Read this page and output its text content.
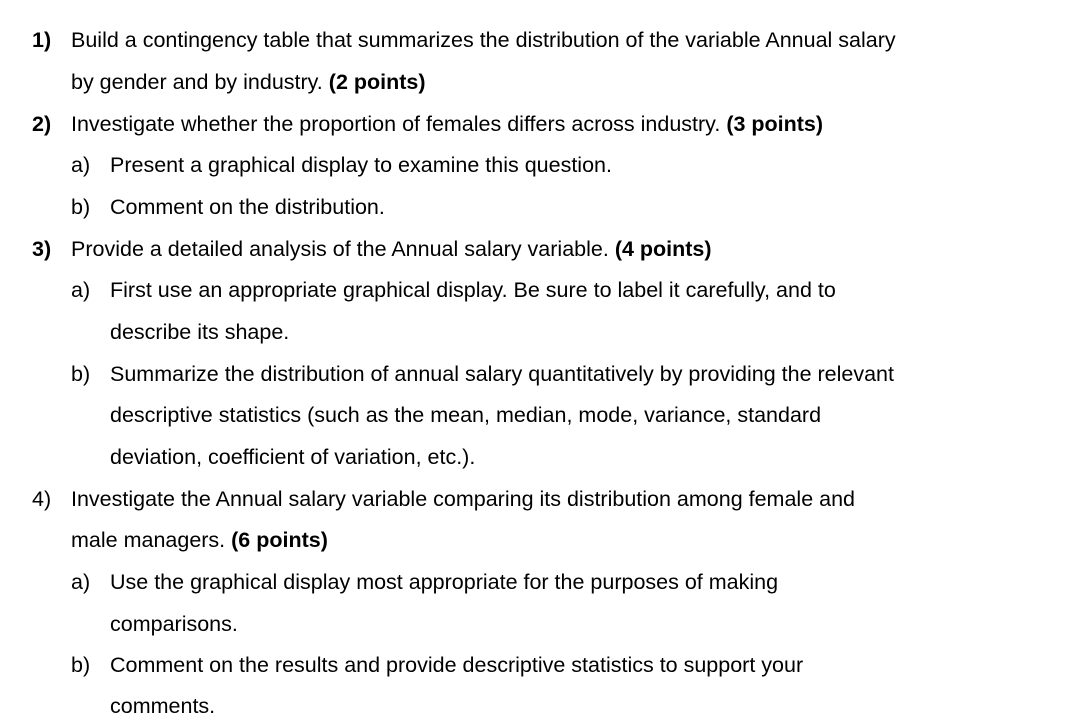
1) Build a contingency table that summarizes the distribution of the variable Annual salary
by gender and by industry. (2 points)
2) Investigate whether the proportion of females differs across industry. (3 points)
a) Present a graphical display to examine this question.
b) Comment on the distribution.
3) Provide a detailed analysis of the Annual salary variable. (4 points)
a) First use an appropriate graphical display. Be sure to label it carefully, and to
describe its shape.
b) Summarize the distribution of annual salary quantitatively by providing the relevant
descriptive statistics (such as the mean, median, mode, variance, standard
deviation, coefficient of variation, etc.).
4) Investigate the Annual salary variable comparing its distribution among female and
male managers. (6 points)
a) Use the graphical display most appropriate for the purposes of making
comparisons.
b) Comment on the results and provide descriptive statistics to support your
comments.
